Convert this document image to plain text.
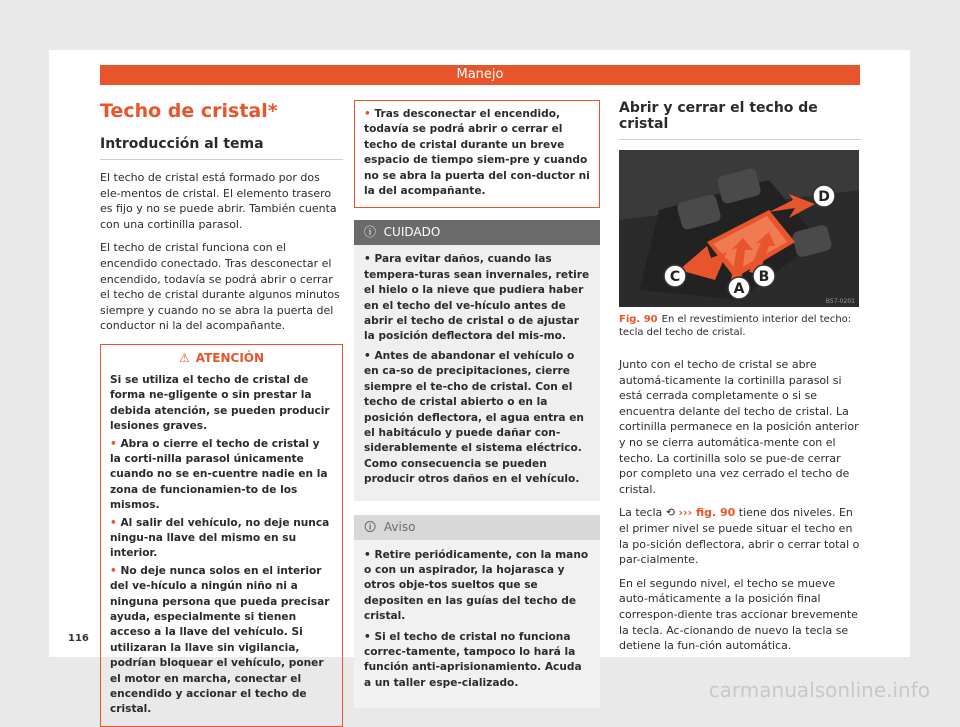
Manejo
Techo de cristal*
Introducción al tema

El techo de cristal está formado por dos ele-mentos de cristal. El elemento trasero es fijo y no se puede abrir. También cuenta con una cortinilla parasol.

El techo de cristal funciona con el encendido conectado. Tras desconectar el encendido, todavía se podrá abrir o cerrar el techo de cristal durante algunos minutos siempre y cuando no se abra la puerta del conductor ni la del acompañante.

⚠ ATENCIÓN
Si se utiliza el techo de cristal de forma ne-gligente o sin prestar la debida atención, se pueden producir lesiones graves.
• Abra o cierre el techo de cristal y la corti-nilla parasol únicamente cuando no se en-cuentre nadie en la zona de funcionamien-to de los mismos.
• Al salir del vehículo, no deje nunca ningu-na llave del mismo en su interior.
• No deje nunca solos en el interior del ve-hículo a ningún niño ni a ninguna persona que pueda precisar ayuda, especialmente si tienen acceso a la llave del vehículo. Si utilizaran la llave sin vigilancia, podrían bloquear el vehículo, poner el motor en marcha, conectar el encendido y accionar el techo de cristal.
• Tras desconectar el encendido, todavía se podrá abrir o cerrar el techo de cristal durante un breve espacio de tiempo siem-pre y cuando no se abra la puerta del con-ductor ni la del acompañante.
ⓘ CUIDADO
• Para evitar daños, cuando las tempera-turas sean invernales, retire el hielo o la nieve que pudiera haber en el techo del ve-hículo antes de abrir el techo de cristal o de ajustar la posición deflectora del mis-mo.
• Antes de abandonar el vehículo o en ca-so de precipitaciones, cierre siempre el te-cho de cristal. Con el techo de cristal abierto o en la posición deflectora, el agua entra en el habitáculo y puede dañar con-siderablemente el sistema eléctrico. Como consecuencia se pueden producir otros daños en el vehículo.
🛈 Aviso
• Retire periódicamente, con la mano o con un aspirador, la hojarasca y otros obje-tos sueltos que se depositen en las guías del techo de cristal.
• Si el techo de cristal no funciona correc-tamente, tampoco lo hará la función anti-aprisionamiento. Acuda a un taller espe-cializado.
Abrir y cerrar el techo de cristal
D
C
A
B
B57-0201
Fig. 90 En el revestimiento interior del techo: tecla del techo de cristal.

Junto con el techo de cristal se abre automá-ticamente la cortinilla parasol si está cerrada completamente o si se encuentra delante del techo de cristal. La cortinilla permanece en la posición anterior y no se cierra automática-mente con el techo. La cortinilla solo se pue-de cerrar por completo una vez cerrado el techo de cristal.

La tecla ⟲ ››› fig. 90 tiene dos niveles. En el primer nivel se puede situar el techo en la po-sición deflectora, abrir o cerrar total o par-cialmente.

En el segundo nivel, el techo se mueve auto-máticamente a la posición final correspon-diente tras accionar brevemente la tecla. Ac-cionando de nuevo la tecla se detiene la fun-ción automática.

116
carmanualsonline.info
